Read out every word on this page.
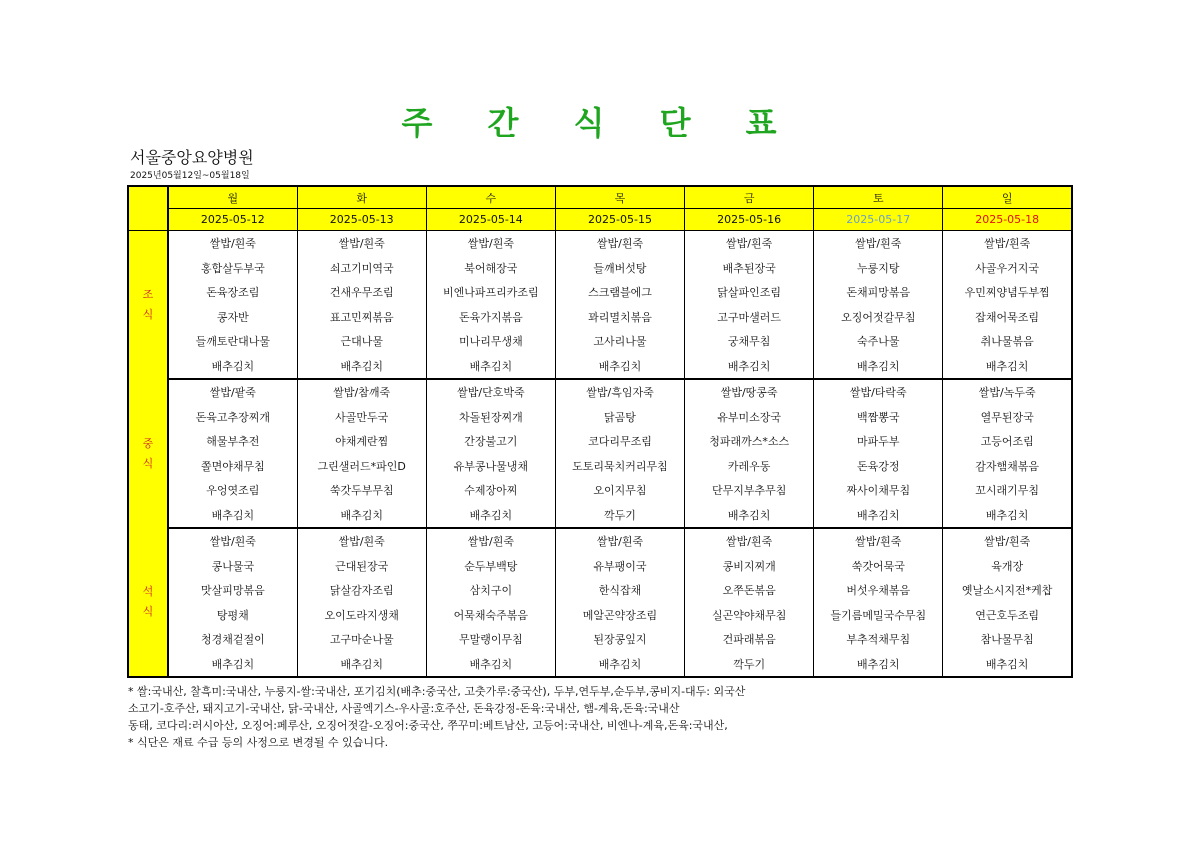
주 간 식 단 표
서울중앙요양병원
2025년05월12일~05월18일
	월	화	수	목	금	토	일
	2025-05-12	2025-05-13	2025-05-14	2025-05-15	2025-05-16	2025-05-17	2025-05-18

조
식	쌀밥/흰죽	쌀밥/흰죽	쌀밥/흰죽	쌀밥/흰죽	쌀밥/흰죽	쌀밥/흰죽	쌀밥/흰죽
	홍합살두부국	쇠고기미역국	북어해장국	들깨버섯탕	배추된장국	누룽지탕	사골우거지국
	돈육장조림	건새우무조림	비엔나파프리카조림	스크램블에그	닭살파인조림	돈채피망볶음	우민찌양념두부찜
	콩자반	표고민찌볶음	돈육가지볶음	꽈리멸치볶음	고구마샐러드	오징어젓갈무침	잡채어묵조림
	들깨토란대나물	근대나물	미나리무생채	고사리나물	궁채무침	숙주나물	취나물볶음
	배추김치	배추김치	배추김치	배추김치	배추김치	배추김치	배추김치

중
식	쌀밥/팥죽	쌀밥/참깨죽	쌀밥/단호박죽	쌀밥/흑임자죽	쌀밥/땅콩죽	쌀밥/타락죽	쌀밥/녹두죽
	돈육고추장찌개	사골만두국	차돌된장찌개	닭곰탕	유부미소장국	백짬뽕국	열무된장국
	해물부추전	야채계란찜	간장불고기	코다리무조림	청파래까스*소스	마파두부	고등어조림
	쫄면야채무침	그린샐러드*파인D	유부콩나물냉채	도토리묵치커리무침	카레우동	돈육강정	감자햄채볶음
	우엉엿조림	쑥갓두부무침	수제장아찌	오이지무침	단무지부추무침	짜사이채무침	꼬시래기무침
	배추김치	배추김치	배추김치	깍두기	배추김치	배추김치	배추김치

석
식	쌀밥/흰죽	쌀밥/흰죽	쌀밥/흰죽	쌀밥/흰죽	쌀밥/흰죽	쌀밥/흰죽	쌀밥/흰죽
	콩나물국	근대된장국	순두부백탕	유부팽이국	콩비지찌개	쑥갓어묵국	육개장
	맛살피망볶음	닭살감자조림	삼치구이	한식잡채	오쭈돈볶음	버섯우채볶음	옛날소시지전*케찹
	탕평채	오이도라지생채	어묵채숙주볶음	메알곤약장조림	실곤약야채무침	들기름메밀국수무침	연근호두조림
	청경채겉절이	고구마순나물	무말랭이무침	된장콩잎지	건파래볶음	부추적채무침	참나물무침
	배추김치	배추김치	배추김치	배추김치	깍두기	배추김치	배추김치
* 쌀:국내산, 찰흑미:국내산, 누룽지-쌀:국내산, 포기김치(배추:중국산, 고춧가루:중국산), 두부,연두부,순두부,콩비지-대두: 외국산
소고기-호주산, 돼지고기-국내산, 닭-국내산, 사골엑기스-우사골:호주산, 돈육강정-돈육:국내산, 햄-계육,돈육:국내산
동태, 코다리:러시아산, 오징어:페루산, 오징어젓갈-오징어:중국산, 쭈꾸미:베트남산, 고등어:국내산, 비엔나-계육,돈육:국내산,
* 식단은 재료 수급 등의 사정으로 변경될 수 있습니다.
